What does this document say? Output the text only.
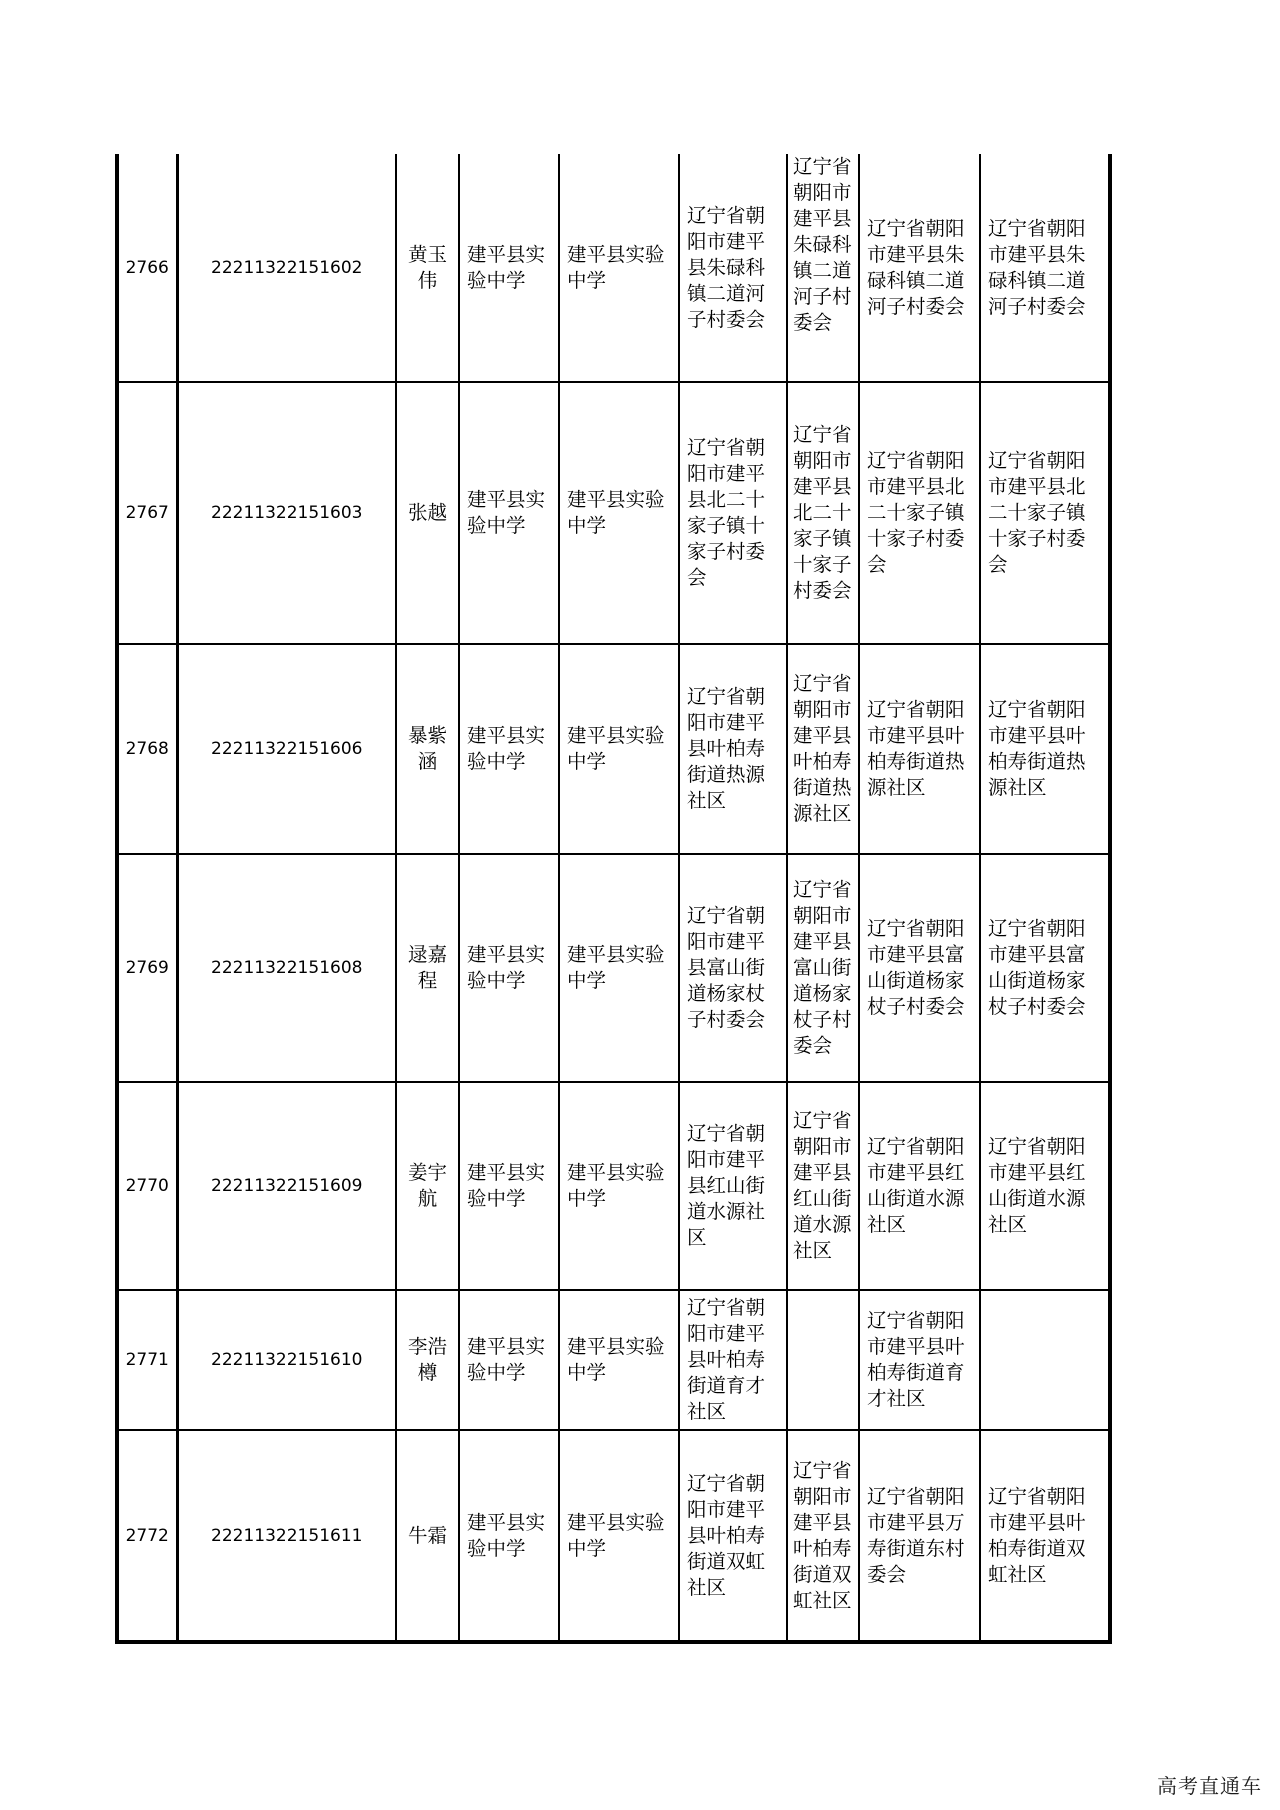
2766	22211322151602	黄玉伟	建平县实验中学	建平县实验中学	辽宁省朝阳市建平县朱碌科镇二道河子村委会	辽宁省朝阳市建平县朱碌科镇二道河子村委会	辽宁省朝阳市建平县朱碌科镇二道河子村委会	辽宁省朝阳市建平县朱碌科镇二道河子村委会
2767	22211322151603	张越	建平县实验中学	建平县实验中学	辽宁省朝阳市建平县北二十家子镇十家子村委会	辽宁省朝阳市建平县北二十家子镇十家子村委会	辽宁省朝阳市建平县北二十家子镇十家子村委会	辽宁省朝阳市建平县北二十家子镇十家子村委会
2768	22211322151606	暴紫涵	建平县实验中学	建平县实验中学	辽宁省朝阳市建平县叶柏寿街道热源社区	辽宁省朝阳市建平县叶柏寿街道热源社区	辽宁省朝阳市建平县叶柏寿街道热源社区	辽宁省朝阳市建平县叶柏寿街道热源社区
2769	22211322151608	逯嘉程	建平县实验中学	建平县实验中学	辽宁省朝阳市建平县富山街道杨家杖子村委会	辽宁省朝阳市建平县富山街道杨家杖子村委会	辽宁省朝阳市建平县富山街道杨家杖子村委会	辽宁省朝阳市建平县富山街道杨家杖子村委会
2770	22211322151609	姜宇航	建平县实验中学	建平县实验中学	辽宁省朝阳市建平县红山街道水源社区	辽宁省朝阳市建平县红山街道水源社区	辽宁省朝阳市建平县红山街道水源社区	辽宁省朝阳市建平县红山街道水源社区
2771	22211322151610	李浩樽	建平县实验中学	建平县实验中学	辽宁省朝阳市建平县叶柏寿街道育才社区		辽宁省朝阳市建平县叶柏寿街道育才社区	
2772	22211322151611	牛霜	建平县实验中学	建平县实验中学	辽宁省朝阳市建平县叶柏寿街道双虹社区	辽宁省朝阳市建平县叶柏寿街道双虹社区	辽宁省朝阳市建平县万寿街道东村委会	辽宁省朝阳市建平县叶柏寿街道双虹社区
高考直通车
